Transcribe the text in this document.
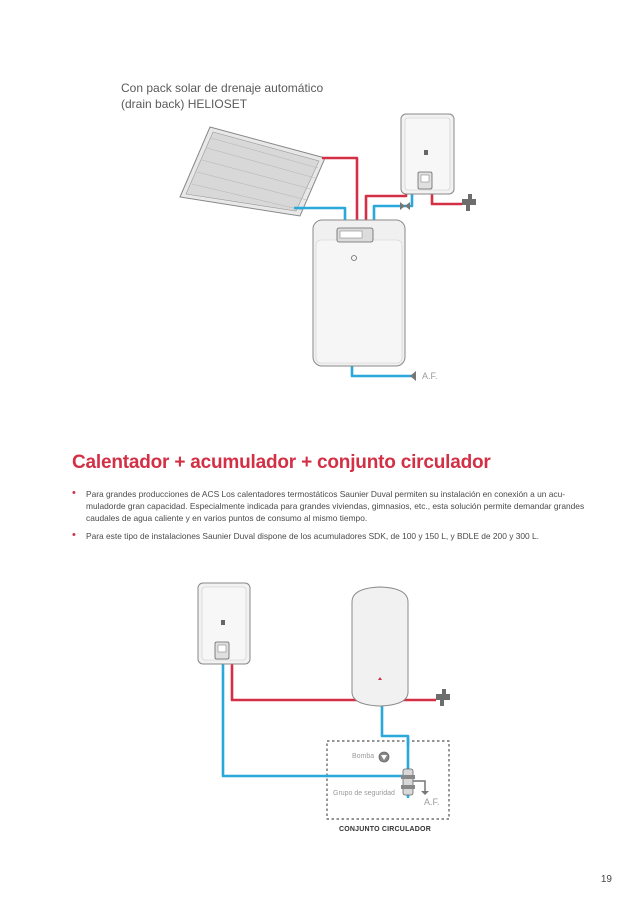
Con pack solar de drenaje automático
(drain back) HELIOSET
A.F.
Calentador + acumulador + conjunto circulador
• Para grandes producciones de ACS Los calentadores termostáticos Saunier Duval permiten su instalación en conexión a un acu-muladorde gran capacidad. Especialmente indicada para grandes viviendas, gimnasios, etc., esta solución permite demandar grandes caudales de agua caliente y en varios puntos de consumo al mismo tiempo.
• Para este tipo de instalaciones Saunier Duval dispone de los acumuladores SDK, de 100 y 150 L, y BDLE de 200 y 300 L.
Bomba
Grupo de seguridad
A.F.
CONJUNTO CIRCULADOR
19
